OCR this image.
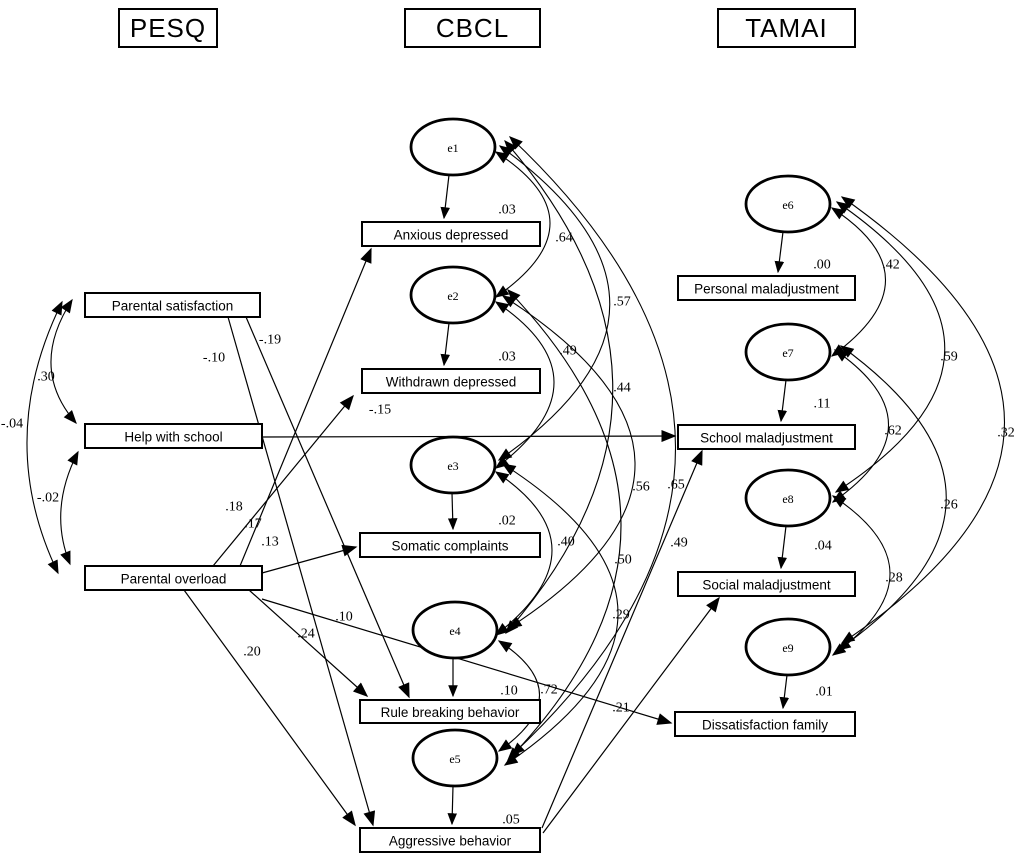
e1
e2
e3
e4
e5
e6
e7
e8
e9
Parental satisfaction
Help with school
Parental overload
Anxious depressed
.03
Withdrawn depressed
.03
Somatic complaints
.02
Rule breaking behavior
.10
Aggressive behavior
.05
Personal maladjustment
.00
School maladjustment
.11
Social maladjustment
.04
Dissatisfaction family
.01
-.19
-.10
-.15
.18
.17
.13
.24
.20
.10
.65
.21
.30
-.04
-.02
.64
.57
.44
.49
.49
.56
.50
.40
.29
.72
.42
.59
.32
.62
.26
.28
PESQ	CBCL	TAMAI
